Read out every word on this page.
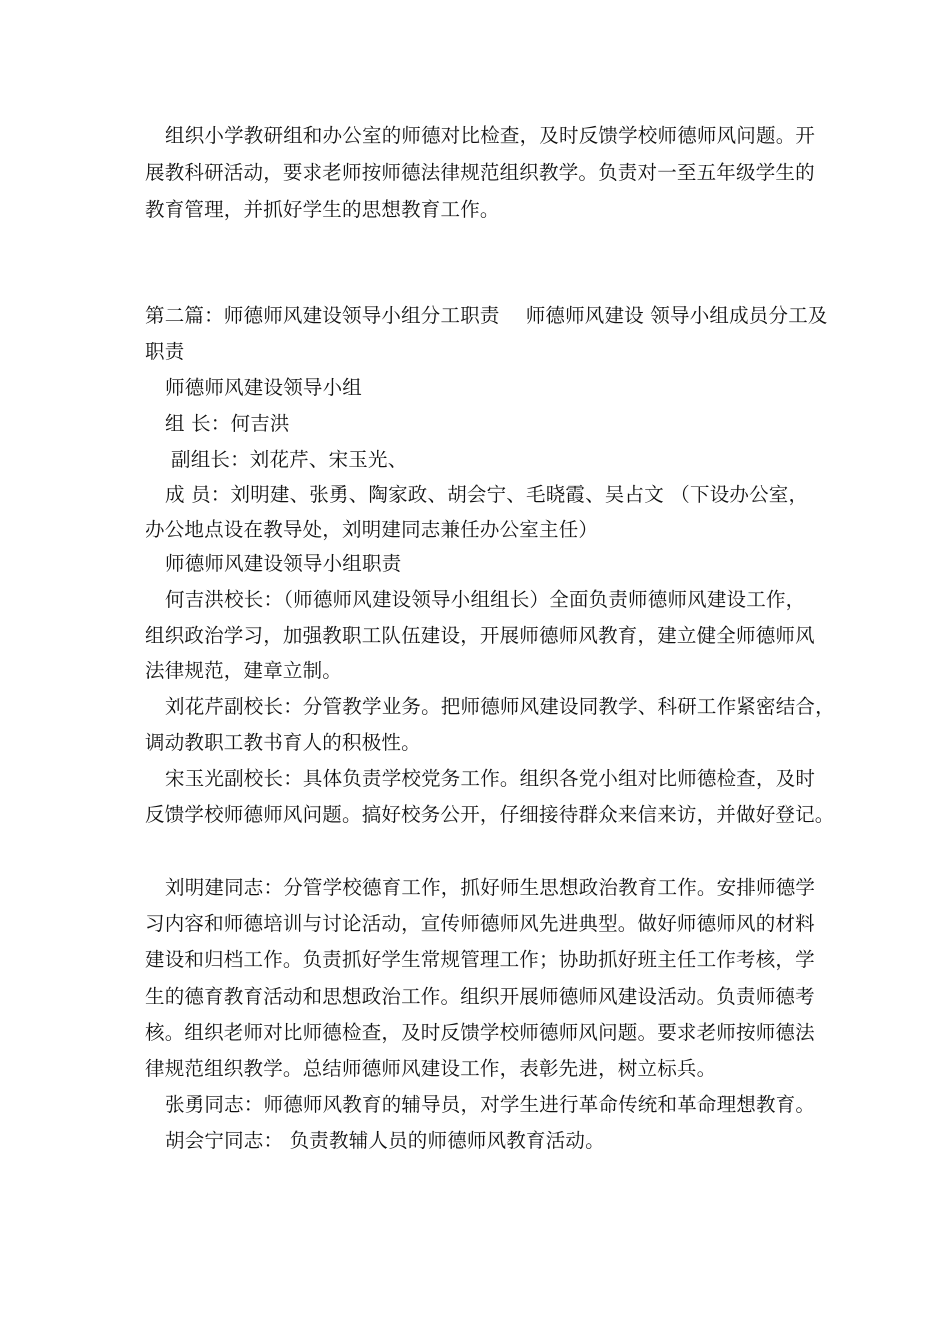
组织小学教研组和办公室的师德对比检查，及时反馈学校师德师风问题。开
展教科研活动，要求老师按师德法律规范组织教学。负责对一至五年级学生的
教育管理，并抓好学生的思想教育工作。
第二篇：师德师风建设领导小组分工职责　 师德师风建设 领导小组成员分工及
职责
师德师风建设领导小组
组 长：何吉洪
副组长：刘花芹、宋玉光、
成 员：刘明建、张勇、陶家政、胡会宁、毛晓霞、吴占文 （下设办公室，
办公地点设在教导处，刘明建同志兼任办公室主任）
师德师风建设领导小组职责
何吉洪校长：（师德师风建设领导小组组长）全面负责师德师风建设工作，
组织政治学习，加强教职工队伍建设，开展师德师风教育，建立健全师德师风
法律规范，建章立制。
刘花芹副校长：分管教学业务。把师德师风建设同教学、科研工作紧密结合，
调动教职工教书育人的积极性。
宋玉光副校长：具体负责学校党务工作。组织各党小组对比师德检查，及时
反馈学校师德师风问题。搞好校务公开，仔细接待群众来信来访，并做好登记。
刘明建同志：分管学校德育工作，抓好师生思想政治教育工作。安排师德学
习内容和师德培训与讨论活动，宣传师德师风先进典型。做好师德师风的材料
建设和归档工作。负责抓好学生常规管理工作；协助抓好班主任工作考核，学
生的德育教育活动和思想政治工作。组织开展师德师风建设活动。负责师德考
核。组织老师对比师德检查，及时反馈学校师德师风问题。要求老师按师德法
律规范组织教学。总结师德师风建设工作，表彰先进，树立标兵。
张勇同志：师德师风教育的辅导员，对学生进行革命传统和革命理想教育。
胡会宁同志： 负责教辅人员的师德师风教育活动。
